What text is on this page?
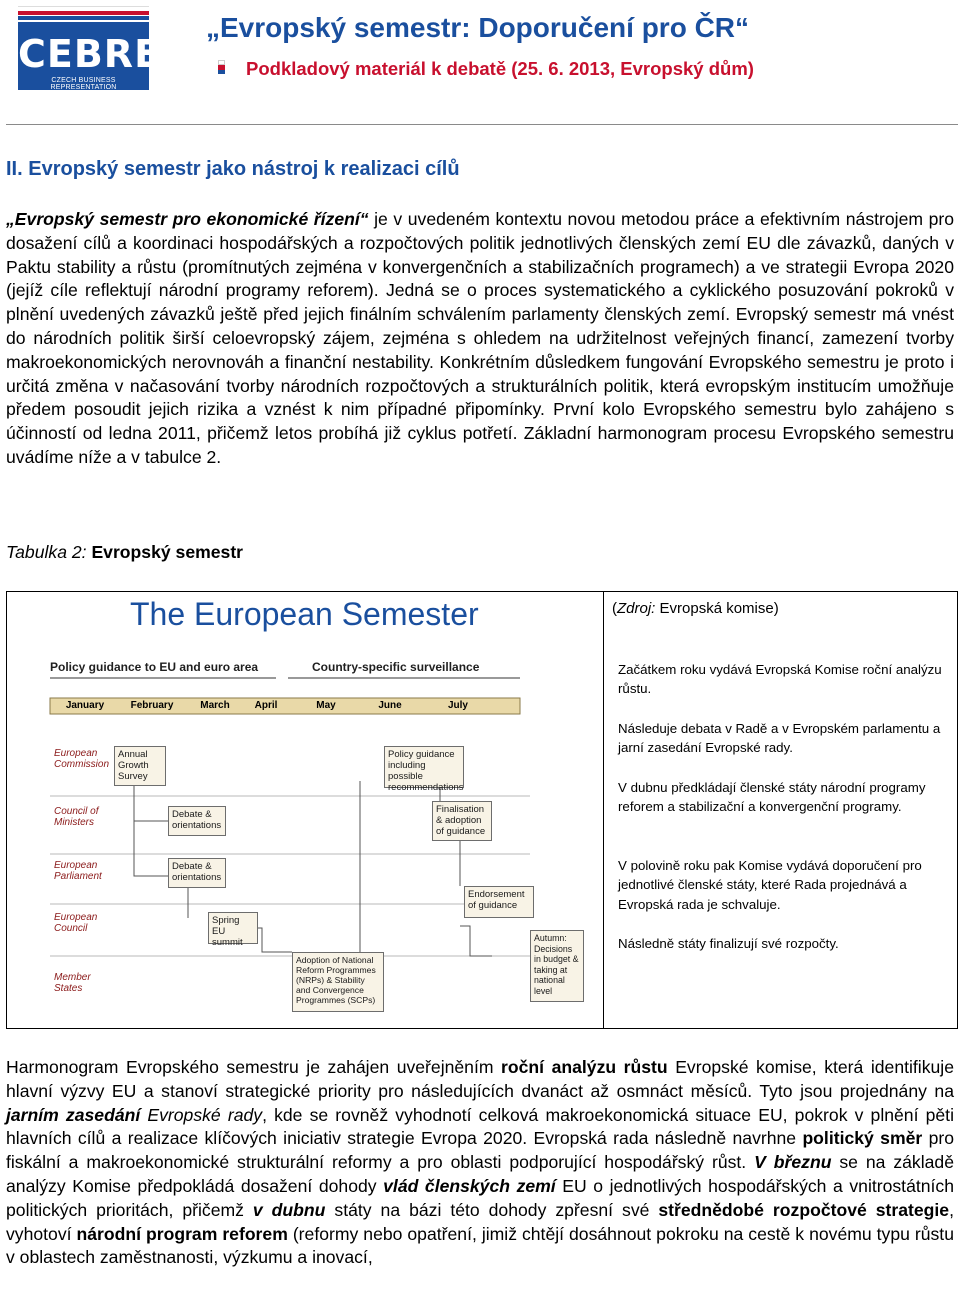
CEBRE
CZECH BUSINESS REPRESENTATION
„Evropský semestr: Doporučení pro ČR“
Podkladový materiál k debatě (25. 6. 2013, Evropský dům)
II. Evropský semestr jako nástroj k realizaci cílů
„Evropský semestr pro ekonomické řízení“ je v uvedeném kontextu novou metodou práce a efektivním nástrojem pro dosažení cílů a koordinaci hospodářských a rozpočtových politik jednotlivých členských zemí EU dle závazků, daných v Paktu stability a růstu (promítnutých zejména v konvergenčních a stabilizačních programech) a ve strategii Evropa 2020 (jejíž cíle reflektují národní programy reforem). Jedná se o proces systematického a cyklického posuzování pokroků v plnění uvedených závazků ještě před jejich finálním schválením parlamenty členských zemí. Evropský semestr má vnést do národních politik širší celoevropský zájem, zejména s ohledem na udržitelnost veřejných financí, zamezení tvorby makroekonomických nerovnováh a finanční nestability. Konkrétním důsledkem fungování Evropského semestru je proto i určitá změna v načasování tvorby národních rozpočtových a strukturálních politik, která evropským institucím umožňuje předem posoudit jejich rizika a vznést k nim případné připomínky. První kolo Evropského semestru bylo zahájeno s účinností od ledna 2011, přičemž letos probíhá již cyklus potřetí. Základní harmonogram procesu Evropského semestru uvádíme níže a v tabulce 2.
Tabulka 2: Evropský semestr
(Zdroj: Evropská komise)
Začátkem roku vydává Evropská Komise roční analýzu růstu.
Následuje debata v Radě a v Evropském parlamentu a jarní zasedání Evropské rady.
V dubnu předkládají členské státy národní programy reforem a stabilizační a konvergenční programy.
V polovině roku pak Komise vydává doporučení pro jednotlivé členské státy, které Rada projednává a Evropská rada je schvaluje.
Následně státy finalizují své rozpočty.
The European Semester
Policy guidance to EU and euro area	Country-specific surveillance
January	February	March	April	May	June	July
European Commission
Council of Ministers
European Parliament
European Council
Member States
Annual Growth Survey
Debate & orientations
Debate & orientations
Spring EU summit
Adoption of National Reform Programmes (NRPs) & Stability and Convergence Programmes (SCPs)
Policy guidance including possible recommendations
Finalisation & adoption of guidance
Endorsement of guidance
Autumn: Decisions in budget & taking at national level
Harmonogram Evropského semestru je zahájen uveřejněním roční analýzu růstu Evropské komise, která identifikuje hlavní výzvy EU a stanoví strategické priority pro následujících dvanáct až osmnáct měsíců. Tyto jsou projednány na jarním zasedání Evropské rady, kde se rovněž vyhodnotí celková makroekonomická situace EU, pokrok v plnění pěti hlavních cílů a realizace klíčových iniciativ strategie Evropa 2020. Evropská rada následně navrhne politický směr pro fiskální a makroekonomické strukturální reformy a pro oblasti podporující hospodářský růst. V březnu se na základě analýzy Komise předpokládá dosažení dohody vlád členských zemí EU o jednotlivých hospodářských a vnitrostátních politických prioritách, přičemž v dubnu státy na bázi této dohody zpřesní své střednědobé rozpočtové strategie, vyhotoví národní program reforem (reformy nebo opatření, jimiž chtějí dosáhnout pokroku na cestě k novému typu růstu v oblastech zaměstnanosti, výzkumu a inovací,
